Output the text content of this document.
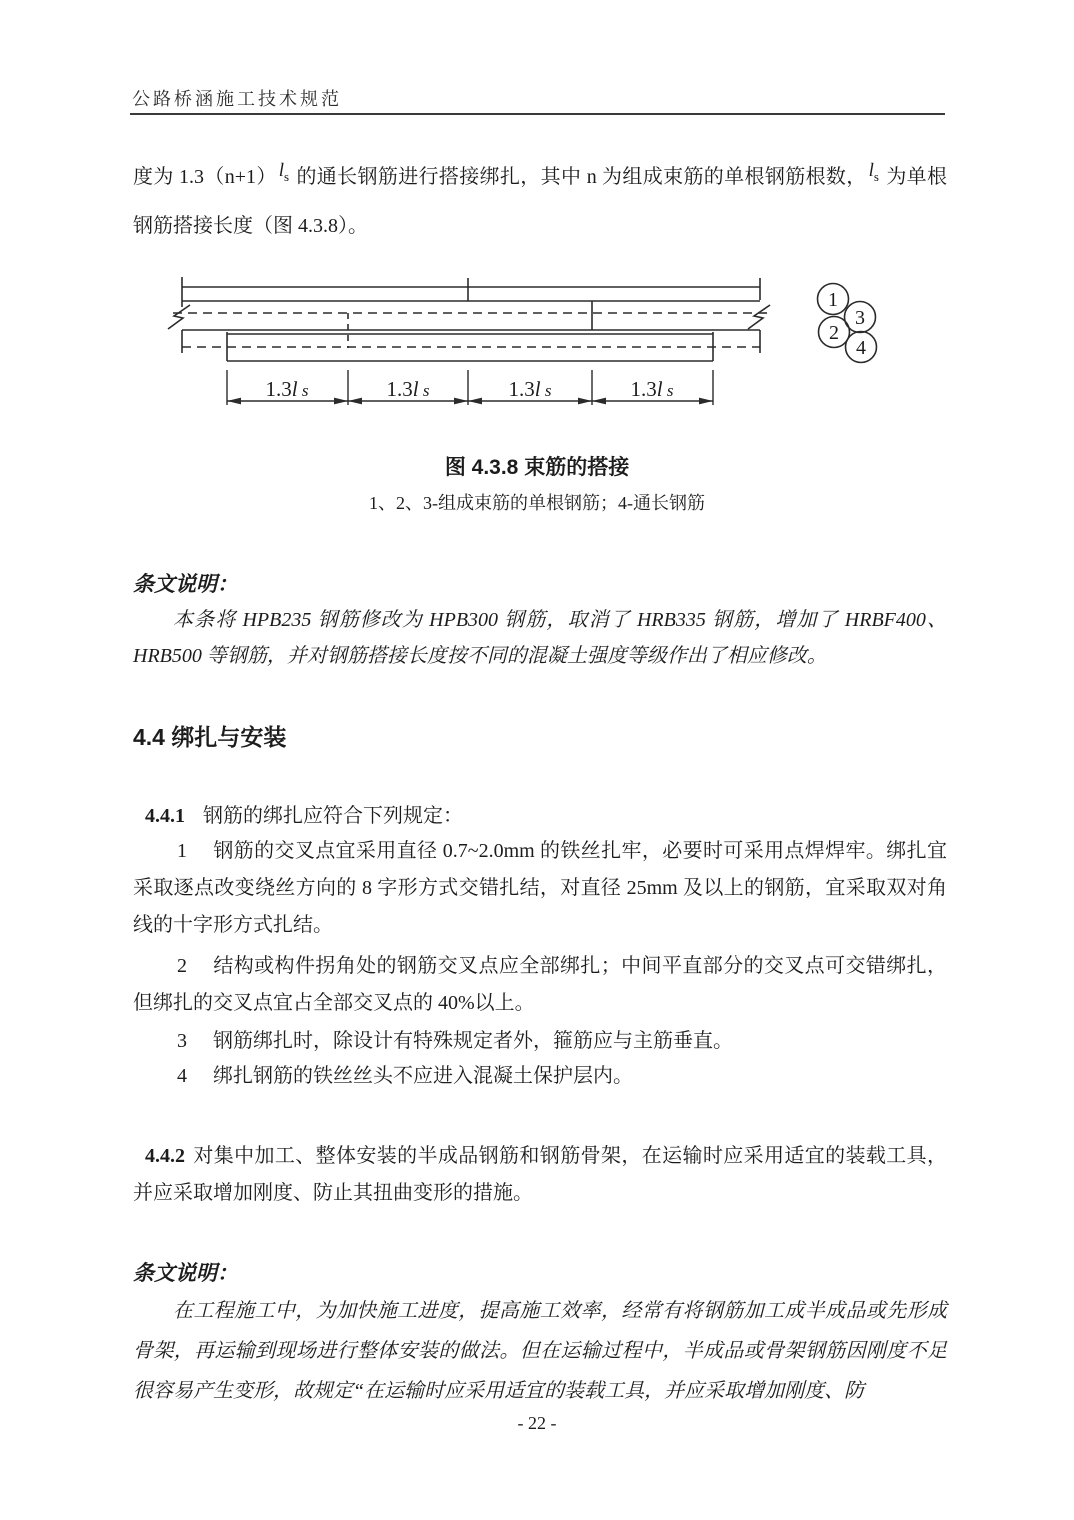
公路桥涵施工技术规范
度为 1.3（n+1） $l_s$ 的通长钢筋进行搭接绑扎，其中 n 为组成束筋的单根钢筋根数， $l_s$ 为单根钢筋搭接长度（图 4.3.8）。
1.3l s	1.3l s	1.3l s	1.3l s
1
3
2
4
图 4.3.8 束筋的搭接
1、2、3-组成束筋的单根钢筋；4-通长钢筋
条文说明：
本条将 HPB235 钢筋修改为 HPB300 钢筋，取消了 HRB335 钢筋，增加了 HRBF400、HRB500 等钢筋，并对钢筋搭接长度按不同的混凝土强度等级作出了相应修改。
4.4 绑扎与安装
4.4.1 钢筋的绑扎应符合下列规定：
1 钢筋的交叉点宜采用直径 0.7~2.0mm 的铁丝扎牢，必要时可采用点焊焊牢。绑扎宜采取逐点改变绕丝方向的 8 字形方式交错扎结，对直径 25mm 及以上的钢筋，宜采取双对角线的十字形方式扎结。
2 结构或构件拐角处的钢筋交叉点应全部绑扎；中间平直部分的交叉点可交错绑扎，但绑扎的交叉点宜占全部交叉点的 40%以上。
3 钢筋绑扎时，除设计有特殊规定者外，箍筋应与主筋垂直。
4 绑扎钢筋的铁丝丝头不应进入混凝土保护层内。
4.4.2 对集中加工、整体安装的半成品钢筋和钢筋骨架，在运输时应采用适宜的装载工具，并应采取增加刚度、防止其扭曲变形的措施。
条文说明：
在工程施工中，为加快施工进度，提高施工效率，经常有将钢筋加工成半成品或先形成骨架，再运输到现场进行整体安装的做法。但在运输过程中，半成品或骨架钢筋因刚度不足很容易产生变形，故规定“在运输时应采用适宜的装载工具，并应采取增加刚度、防
- 22 -
